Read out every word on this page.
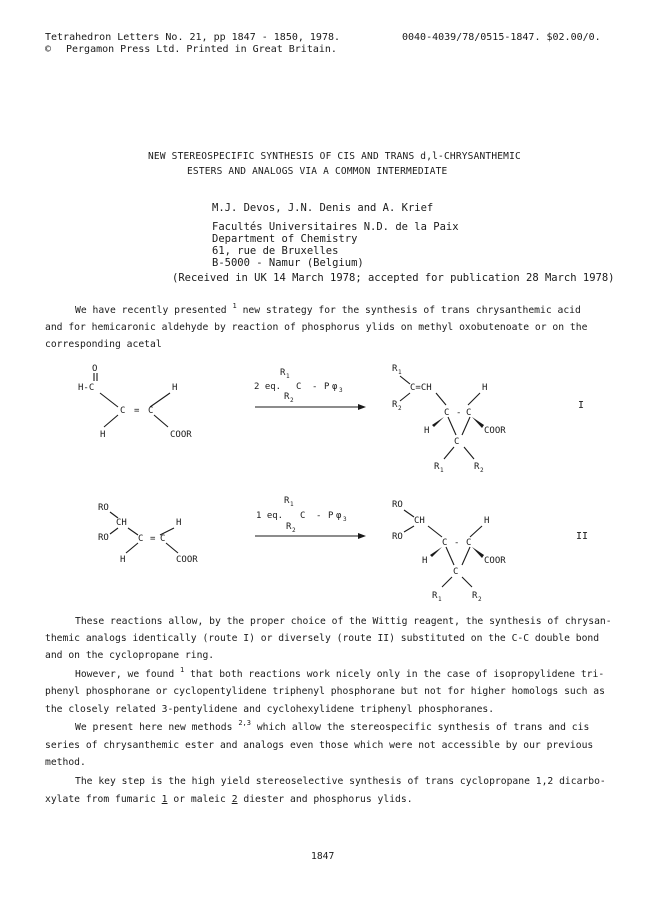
Tetrahedron Letters No. 21, pp 1847 - 1850, 1978.	0040-4039/78/0515-1847. $02.00/0.
© Pergamon Press Ltd. Printed in Great Britain.
NEW STEREOSPECIFIC SYNTHESIS OF CIS AND TRANS d,l-CHRYSANTHEMIC
ESTERS AND ANALOGS VIA A COMMON INTERMEDIATE
M.J. Devos, J.N. Denis and A. Krief
Facultés Universitaires N.D. de la Paix
Department of Chemistry
61, rue de Bruxelles
B-5000 - Namur (Belgium)
(Received in UK 14 March 1978; accepted for publication 28 March 1978)
We have recently presented $^1$ new strategy for the synthesis of trans chrysanthemic acid
and for hemicaronic aldehyde by reaction of phosphorus ylids on methyl oxobutenoate or on the
corresponding acetal
O
H-C	H
C = C
H	COOR
R 1
2 eq. C - P φ 3
R 2
R 1
C=CH
R 2
H
C - C
H	COOR
C
R 1	R 2
I
RO
CH
RO
H
C = C
H	COOR
R 1
1 eq. C - P φ 3
R 2
RO
CH
RO
H
C - C
H	COOR
C
R 1	R 2
II
These reactions allow, by the proper choice of the Wittig reagent, the synthesis of chrysan-
themic analogs identically (route I) or diversely (route II) substituted on the C-C double bond
and on the cyclopropane ring.
However, we found $^1$ that both reactions work nicely only in the case of isopropylidene tri-
phenyl phosphorane or cyclopentylidene triphenyl phosphorane but not for higher homologs such as
the closely related 3-pentylidene and cyclohexylidene triphenyl phosphoranes.
We present here new methods $^{2,3}$ which allow the stereospecific synthesis of trans and cis
series of chrysanthemic ester and analogs even those which were not accessible by our previous
method.
The key step is the high yield stereoselective synthesis of trans cyclopropane 1,2 dicarbo-
xylate from fumaric 1 or maleic 2 diester and phosphorus ylids.
1847
